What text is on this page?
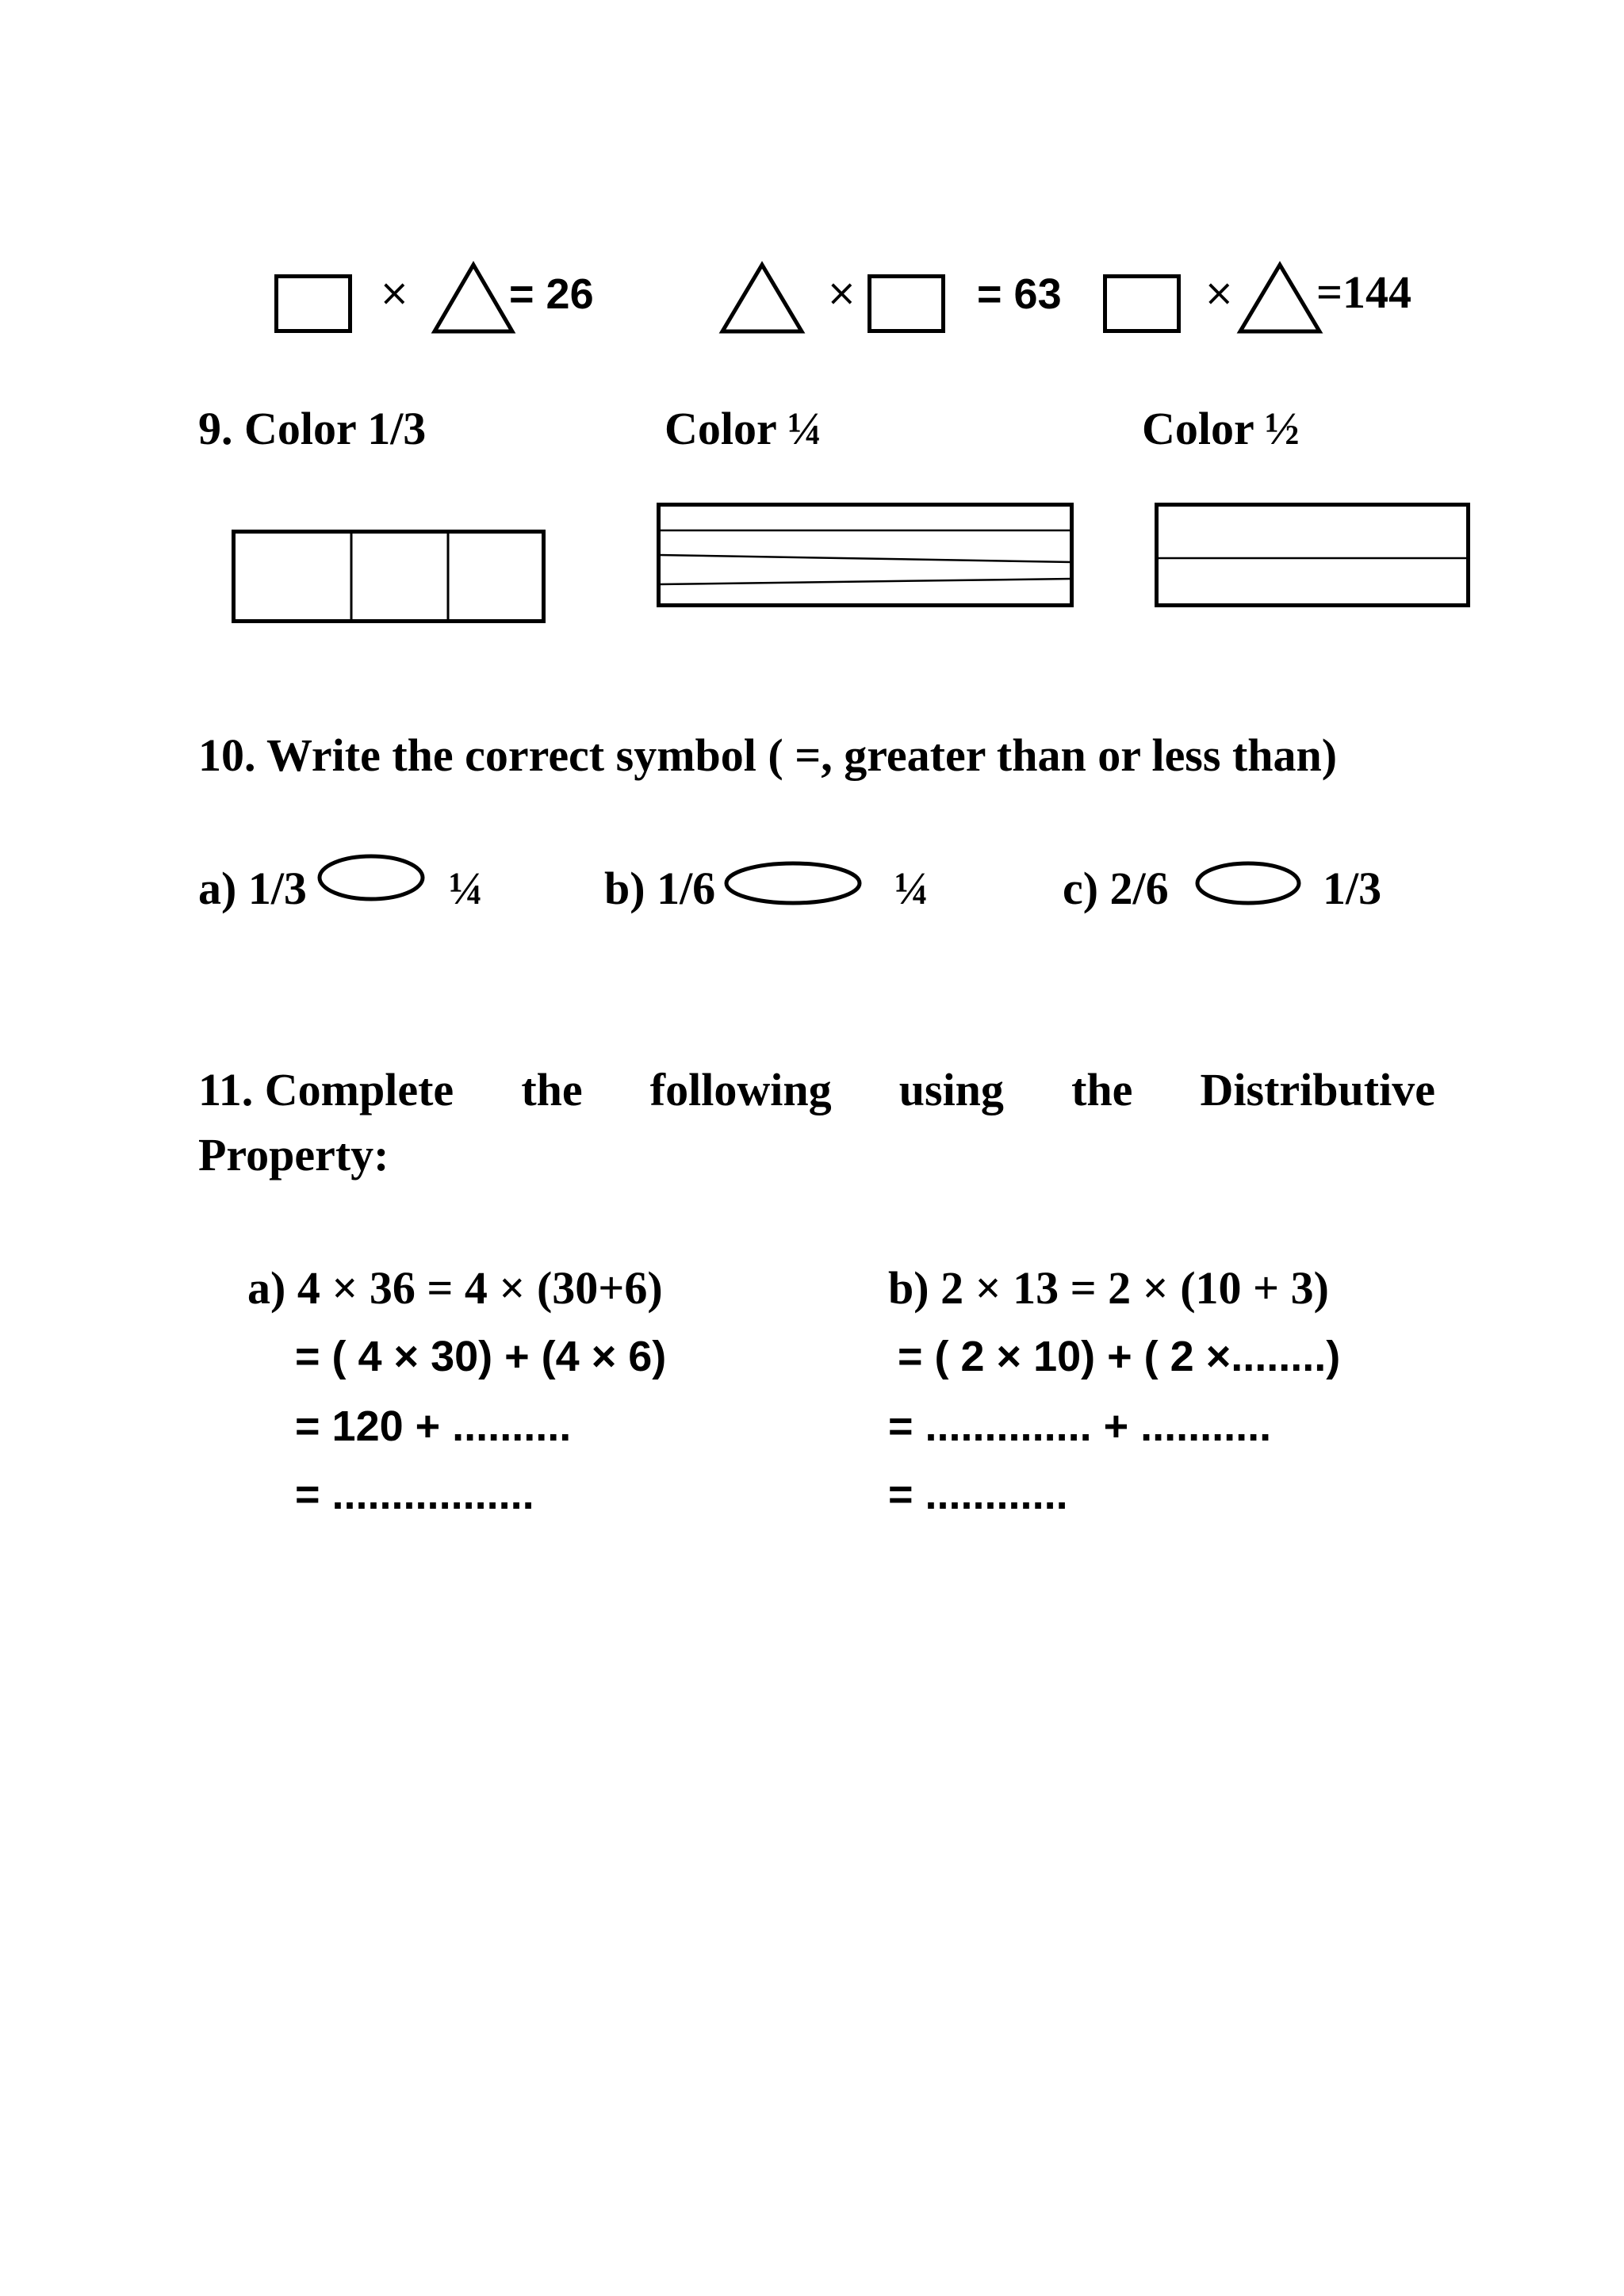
× = 26	×	= 63	× =144
9. Color 1/3	Color ¼	Color ½
10. Write the correct symbol ( =, greater than or less than)
a) 1/3	¼	b) 1/6	¼	c) 2/6	1/3
11. Complete the following using the Distributive
Property:
a) 4 × 36 = 4 × (30+6)
= ( 4 × 30) + (4 × 6)
= 120 + ..........
= .................
b) 2 × 13 = 2 × (10 + 3)
= ( 2 × 10) + ( 2 ×........)
= .............. + ...........
= ............
